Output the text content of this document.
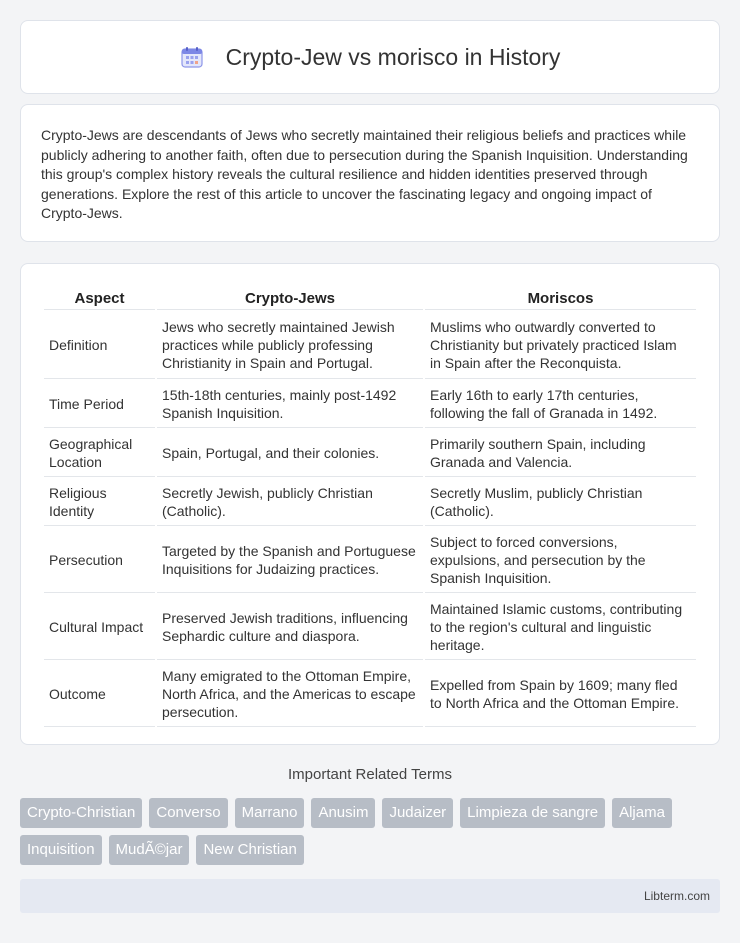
Crypto-Jew vs morisco in History

Crypto-Jews are descendants of Jews who secretly maintained their religious beliefs and practices while publicly adhering to another faith, often due to persecution during the Spanish Inquisition. Understanding this group's complex history reveals the cultural resilience and hidden identities preserved through generations. Explore the rest of this article to uncover the fascinating legacy and ongoing impact of Crypto-Jews.

Aspect	Crypto-Jews	Moriscos
Definition	Jews who secretly maintained Jewish practices while publicly professing Christianity in Spain and Portugal.	Muslims who outwardly converted to Christianity but privately practiced Islam in Spain after the Reconquista.
Time Period	15th-18th centuries, mainly post-1492 Spanish Inquisition.	Early 16th to early 17th centuries, following the fall of Granada in 1492.
Geographical Location	Spain, Portugal, and their colonies.	Primarily southern Spain, including Granada and Valencia.
Religious Identity	Secretly Jewish, publicly Christian (Catholic).	Secretly Muslim, publicly Christian (Catholic).
Persecution	Targeted by the Spanish and Portuguese Inquisitions for Judaizing practices.	Subject to forced conversions, expulsions, and persecution by the Spanish Inquisition.
Cultural Impact	Preserved Jewish traditions, influencing Sephardic culture and diaspora.	Maintained Islamic customs, contributing to the region's cultural and linguistic heritage.
Outcome	Many emigrated to the Ottoman Empire, North Africa, and the Americas to escape persecution.	Expelled from Spain by 1609; many fled to North Africa and the Ottoman Empire.
Important Related Terms
Crypto-Christian	Converso	Marrano	Anusim	Judaizer	Limpieza de sangre	Aljama
Inquisition	MudÃ©jar	New Christian
Libterm.com
